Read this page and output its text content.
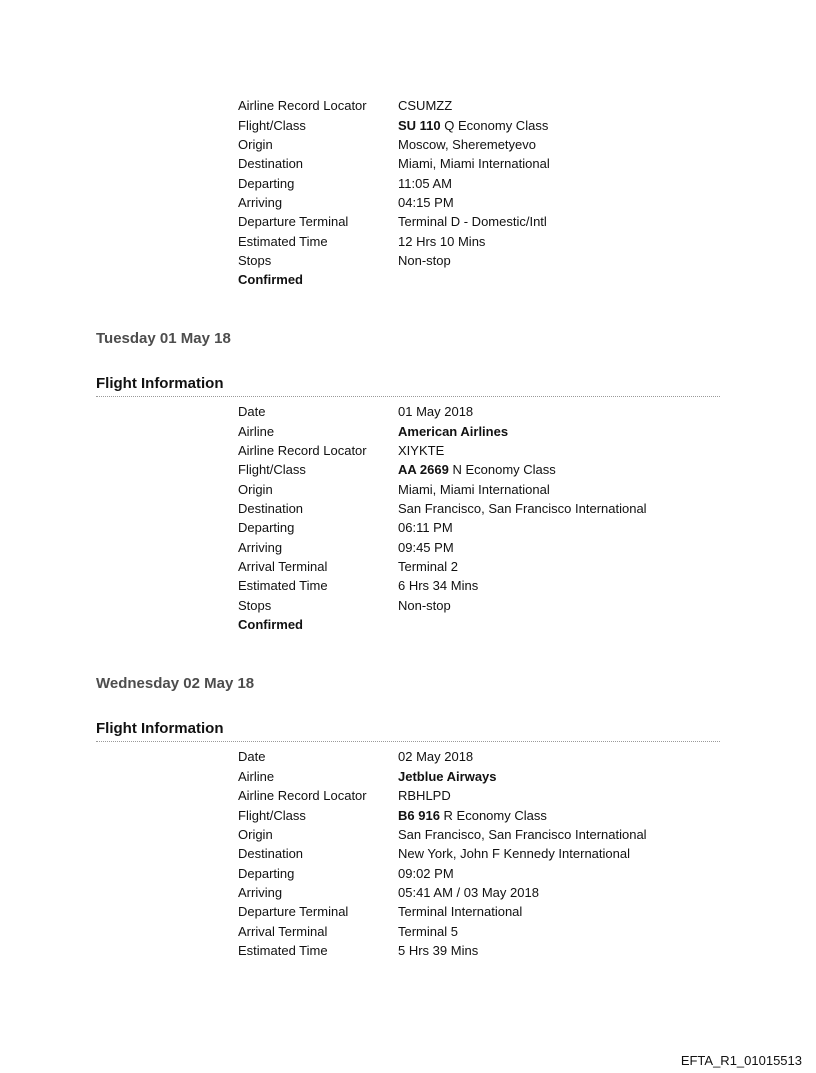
Airline Record Locator CSUMZZ
Flight/Class	SU 110 Q Economy Class
Origin	Moscow, Sheremetyevo
Destination	Miami, Miami International
Departing	11:05 AM
Arriving	04:15 PM
Departure Terminal	Terminal D - Domestic/Intl
Estimated Time	12 Hrs 10 Mins
Stops	Non-stop
Confirmed
Tuesday 01 May 18
Flight Information
Date	01 May 2018
Airline	American Airlines
Airline Record Locator XIYKTE
Flight/Class	AA 2669 N Economy Class
Origin	Miami, Miami International
Destination	San Francisco, San Francisco International
Departing	06:11 PM
Arriving	09:45 PM
Arrival Terminal	Terminal 2
Estimated Time	6 Hrs 34 Mins
Stops	Non-stop
Confirmed
Wednesday 02 May 18
Flight Information
Date	02 May 2018
Airline	Jetblue Airways
Airline Record Locator RBHLPD
Flight/Class	B6 916 R Economy Class
Origin	San Francisco, San Francisco International
Destination	New York, John F Kennedy International
Departing	09:02 PM
Arriving	05:41 AM / 03 May 2018
Departure Terminal	Terminal International
Arrival Terminal	Terminal 5
Estimated Time	5 Hrs 39 Mins
EFTA_R1_01015513
